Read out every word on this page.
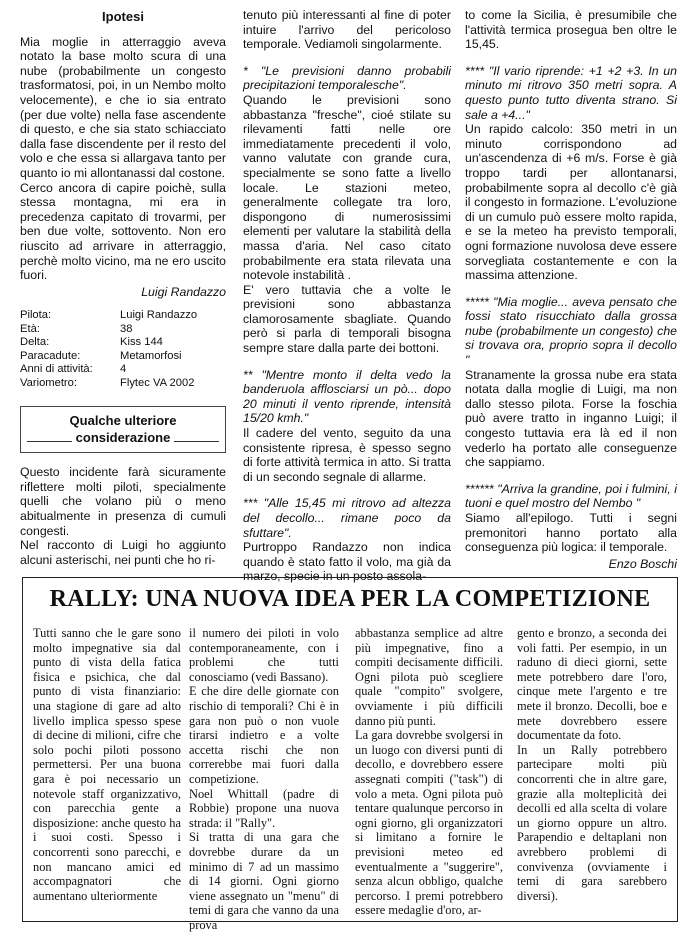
Ipotesi

Mia moglie in atterraggio aveva notato la base molto scura di una nube (probabilmente un congesto trasformatosi, poi, in un Nembo molto velocemente), e che io sia entrato (per due volte) nella fase ascendente di questo, e che sia stato schiacciato dalla fase discendente per il resto del volo e che essa si allargava tanto per quanto io mi allontanassi dal costone.

Cerco ancora di capire poichè, sulla stessa montagna, mi era in precedenza capitato di trovarmi, per ben due volte, sottovento. Non ero riuscito ad arrivare in atterraggio, perchè molto vicino, ma ne ero uscito fuori.

Luigi Randazzo

Pilota:	Luigi Randazzo
Età:	38
Delta:	Kiss 144
Paracadute:	Metamorfosi
Anni di attività:	4
Variometro:	Flytec VA 2002
Qualche ulteriore
considerazione

Questo incidente farà sicuramente riflettere molti piloti, specialmente quelli che volano più o meno abitualmente in presenza di cumuli congesti.

Nel racconto di Luigi ho aggiunto alcuni asterischi, nei punti che ho ri-

tenuto più interessanti al fine di poter intuire l'arrivo del pericoloso temporale. Vediamoli singolarmente.

* "Le previsioni danno probabili precipitazioni temporalesche".

Quando le previsioni sono abbastanza "fresche", cioé stilate su rilevamenti fatti nelle ore immediatamente precedenti il volo, vanno valutate con grande cura, specialmente se sono fatte a livello locale. Le stazioni meteo, generalmente collegate tra loro, dispongono di numerosissimi elementi per valutare la stabilità della massa d'aria. Nel caso citato probabilmente era stata rilevata una notevole instabilità .

E' vero tuttavia che a volte le previsioni sono abbastanza clamorosamente sbagliate. Quando però si parla di temporali bisogna sempre stare dalla parte dei bottoni.

** "Mentre monto il delta vedo la banderuola afflosciarsi un pò... dopo 20 minuti il vento riprende, intensità 15/20 kmh."

Il cadere del vento, seguito da una consistente ripresa, è spesso segno di forte attività termica in atto. Si tratta di un secondo segnale di allarme.

*** "Alle 15,45 mi ritrovo ad altezza del decollo... rimane poco da sfuttare".

Purtroppo Randazzo non indica quando è stato fatto il volo, ma già da marzo, specie in un posto assola-

to come la Sicilia, è presumibile che l'attività termica prosegua ben oltre le 15,45.

**** "Il vario riprende: +1 +2 +3. In un minuto mi ritrovo 350 metri sopra. A questo punto tutto diventa strano. Si sale a +4..."

Un rapido calcolo: 350 metri in un minuto corrispondono ad un'ascendenza di +6 m/s. Forse è già troppo tardi per allontanarsi, probabilmente sopra al decollo c'è già il congesto in formazione. L'evoluzione di un cumulo può essere molto rapida, e se la meteo ha previsto temporali, ogni formazione nuvolosa deve essere sorvegliata costantemente e con la massima attenzione.

***** "Mia moglie... aveva pensato che fossi stato risucchiato dalla grossa nube (probabilmente un congesto) che si trovava ora, proprio sopra il decollo "

Stranamente la grossa nube era stata notata dalla moglie di Luigi, ma non dallo stesso pilota. Forse la foschia può avere tratto in inganno Luigi; il congesto tuttavia era là ed il non vederlo ha portato alle conseguenze che sappiamo.

****** "Arriva la grandine, poi i fulmini, i tuoni e quel mostro del Nembo "

Siamo all'epilogo. Tutti i segni premonitori hanno portato alla conseguenza più logica: il temporale.

Enzo Boschi

RALLY: UNA NUOVA IDEA PER LA COMPETIZIONE

Tutti sanno che le gare sono molto impegnative sia dal punto di vista della fatica fisica e psichica, che dal punto di vista finanziario: una stagione di gare ad alto livello implica spesso spese di decine di milioni, cifre che solo pochi piloti possono permettersi. Per una buona gara è poi necessario un notevole staff organizzativo, con parecchia gente a disposizione: anche questo ha i suoi costi. Spesso i concorrenti sono parecchi, e non mancano amici ed accompagnatori che aumentano ulteriormente

il numero dei piloti in volo contemporaneamente, con i problemi che tutti conosciamo (vedi Bassano).

E che dire delle giornate con rischio di temporali? Chi è in gara non può o non vuole tirarsi indietro e a volte accetta rischi che non correrebbe mai fuori dalla competizione.

Noel Whittall (padre di Robbie) propone una nuova strada: il "Rally".

Si tratta di una gara che dovrebbe durare da un minimo di 7 ad un massimo di 14 giorni. Ogni giorno viene assegnato un "menu" di temi di gara che vanno da una prova

abbastanza semplice ad altre più impegnative, fino a compiti decisamente difficili. Ogni pilota può scegliere quale "compito" svolgere, ovviamente i più difficili danno più punti.

La gara dovrebbe svolgersi in un luogo con diversi punti di decollo, e dovrebbero essere assegnati compiti ("task") di volo a meta. Ogni pilota può tentare qualunque percorso in ogni giorno, gli organizzatori si limitano a fornire le previsioni meteo ed eventualmente a "suggerire", senza alcun obbligo, qualche percorso. I premi potrebbero essere medaglie d'oro, ar-

gento e bronzo, a seconda dei voli fatti. Per esempio, in un raduno di dieci giorni, sette mete potrebbero dare l'oro, cinque mete l'argento e tre mete il bronzo. Decolli, boe e mete dovrebbero essere documentate da foto.

In un Rally potrebbero partecipare molti più concorrenti che in altre gare, grazie alla molteplicità dei decolli ed alla scelta di volare un giorno oppure un altro. Parapendio e deltaplani non avrebbero problemi di convivenza (ovviamente i temi di gara sarebbero diversi).
